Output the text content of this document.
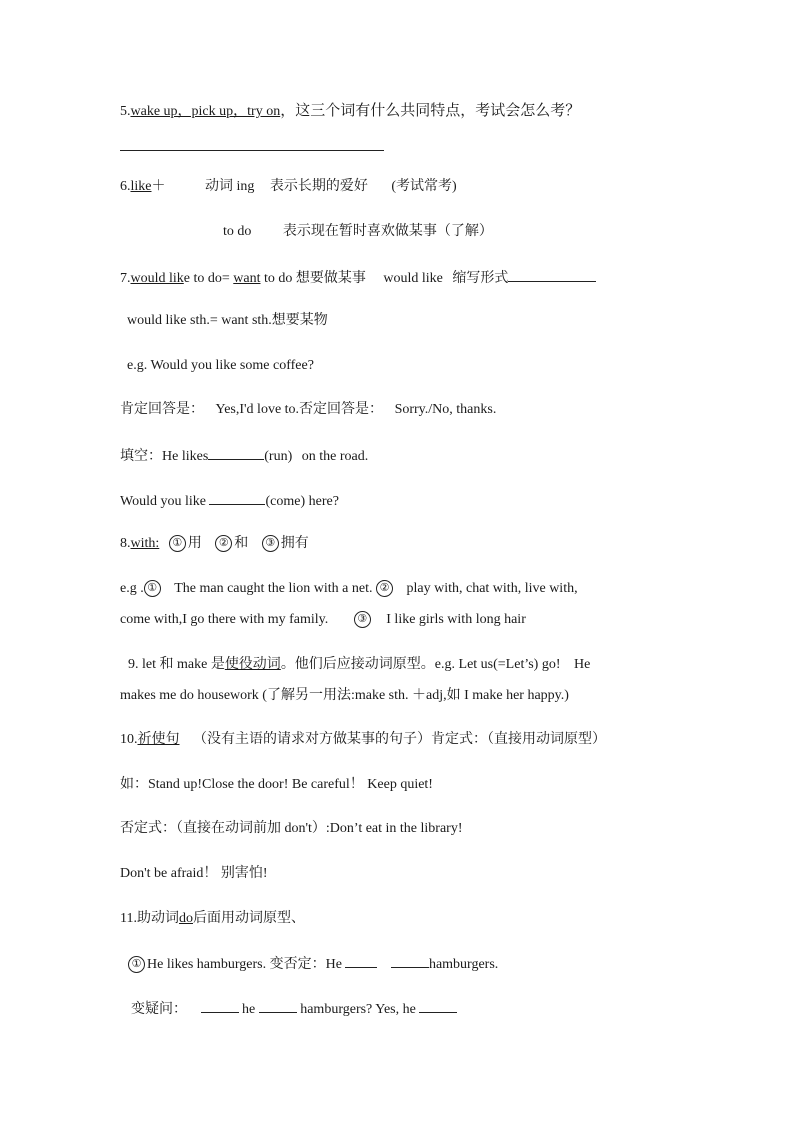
5.wake up，pick up，try on，这三个词有什么共同特点，考试会怎么考？
6.like＋	动词 ing 表示长期的爱好 (考试常考)
to do 表示现在暂时喜欢做某事（了解）
7.would like to do= want to do 想要做某事 would like 缩写形式
would like sth.= want sth.想要某物
e.g. Would you like some coffee?
肯定回答是： Yes,I'd love to.否定回答是： Sorry./No, thanks.
填空：He likes	(run) on the road.
Would you like	(come) here?
8.with: ① 用 ② 和 ③ 拥有
e.g . ① The man caught the lion with a net. ② play with, chat with, live with,
come with,I go there with my family.	③ I like girls with long hair
9. let 和 make 是使役动词。他们后应接动词原型。e.g. Let us(=Let’s) go! He
makes me do housework (了解另一用法:make sth. ＋adj,如 I make her happy.)
10.祈使句 （没有主语的请求对方做某事的句子）肯定式：（直接用动词原型）
如：Stand up!Close the door! Be careful！ Keep quiet!
否定式：（直接在动词前加 don't）:Don’t eat in the library!
Don't be afraid！ 别害怕!
11.助动词do后面用动词原型、
① He likes hamburgers. 变否定：He	hamburgers.
变疑问：	he	hamburgers? Yes, he
